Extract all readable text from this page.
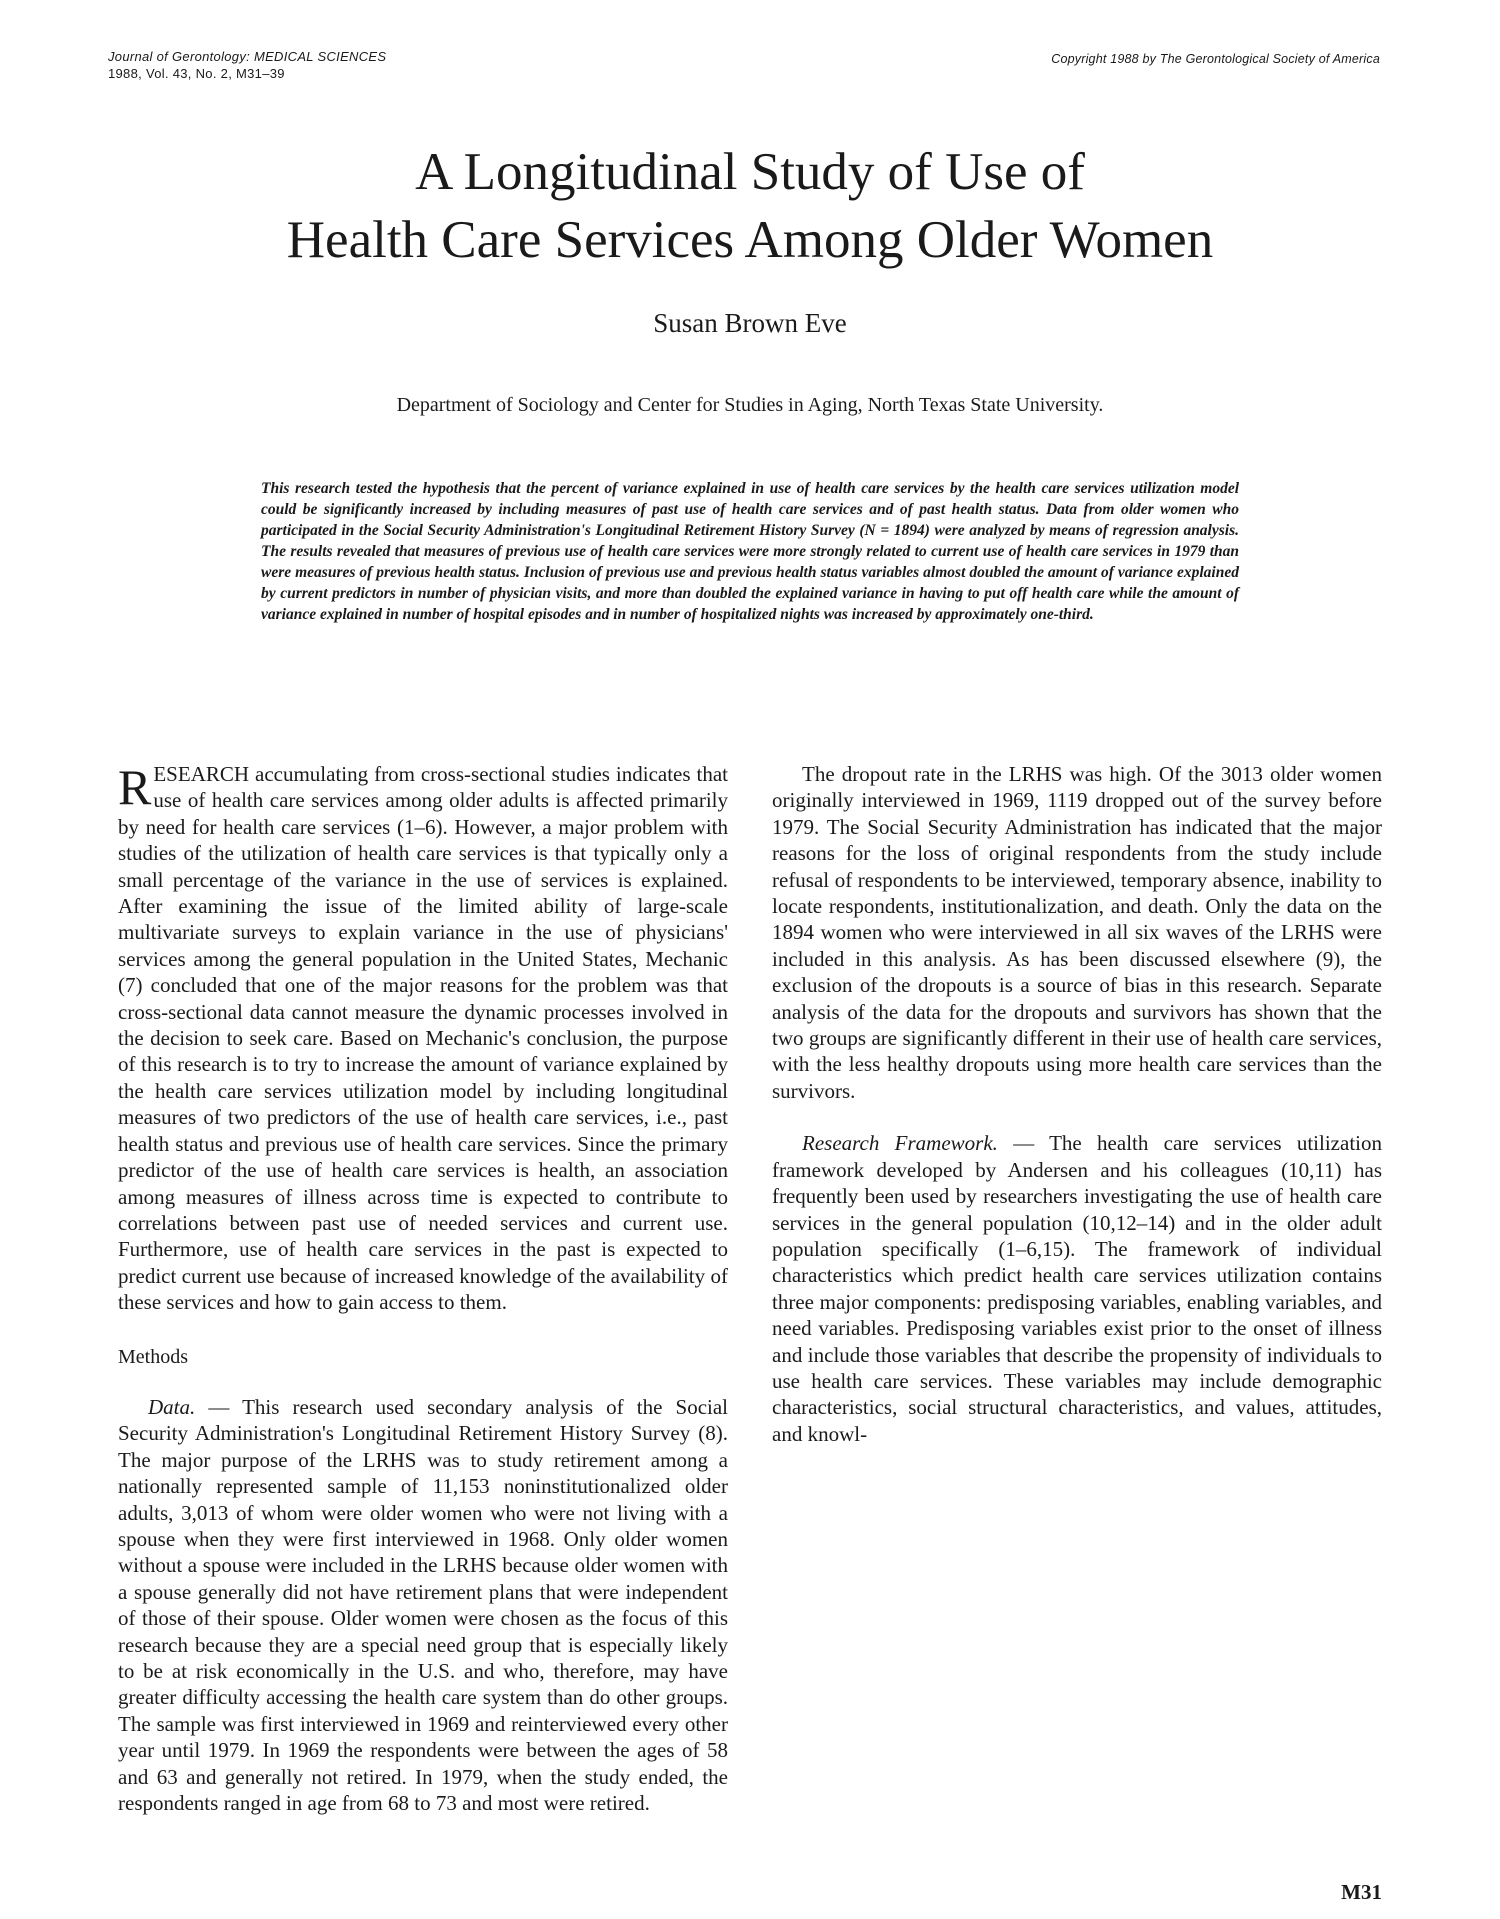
Journal of Gerontology: MEDICAL SCIENCES
1988, Vol. 43, No. 2, M31–39
Copyright 1988 by The Gerontological Society of America
A Longitudinal Study of Use of
Health Care Services Among Older Women
Susan Brown Eve
Department of Sociology and Center for Studies in Aging, North Texas State University.

This research tested the hypothesis that the percent of variance explained in use of health care services by the health care services utilization model could be significantly increased by including measures of past use of health care services and of past health status. Data from older women who participated in the Social Security Administration's Longitudinal Retirement History Survey (N = 1894) were analyzed by means of regression analysis. The results revealed that measures of previous use of health care services were more strongly related to current use of health care services in 1979 than were measures of previous health status. Inclusion of previous use and previous health status variables almost doubled the amount of variance explained by current predictors in number of physician visits, and more than doubled the explained variance in having to put off health care while the amount of variance explained in number of hospital episodes and in number of hospitalized nights was increased by approximately one-third.

RESEARCH accumulating from cross-sectional studies indicates that use of health care services among older adults is affected primarily by need for health care services (1–6). However, a major problem with studies of the utilization of health care services is that typically only a small percentage of the variance in the use of services is explained. After examining the issue of the limited ability of large-scale multivariate surveys to explain variance in the use of physicians' services among the general population in the United States, Mechanic (7) concluded that one of the major reasons for the problem was that cross-sectional data cannot measure the dynamic processes involved in the decision to seek care. Based on Mechanic's conclusion, the purpose of this research is to try to increase the amount of variance explained by the health care services utilization model by including longitudinal measures of two predictors of the use of health care services, i.e., past health status and previous use of health care services. Since the primary predictor of the use of health care services is health, an association among measures of illness across time is expected to contribute to correlations between past use of needed services and current use. Furthermore, use of health care services in the past is expected to predict current use because of increased knowledge of the availability of these services and how to gain access to them.

Methods

Data. — This research used secondary analysis of the Social Security Administration's Longitudinal Retirement History Survey (8). The major purpose of the LRHS was to study retirement among a nationally represented sample of 11,153 noninstitutionalized older adults, 3,013 of whom were older women who were not living with a spouse when they were first interviewed in 1968. Only older women without a spouse were included in the LRHS because older women with a spouse generally did not have retirement plans that were independent of those of their spouse. Older women were chosen as the focus of this research because they are a special need group that is especially likely to be at risk economically in the U.S. and who, therefore, may have greater difficulty accessing the health care system than do other groups. The sample was first interviewed in 1969 and reinterviewed every other year until 1979. In 1969 the respondents were between the ages of 58 and 63 and generally not retired. In 1979, when the study ended, the respondents ranged in age from 68 to 73 and most were retired.

The dropout rate in the LRHS was high. Of the 3013 older women originally interviewed in 1969, 1119 dropped out of the survey before 1979. The Social Security Administration has indicated that the major reasons for the loss of original respondents from the study include refusal of respondents to be interviewed, temporary absence, inability to locate respondents, institutionalization, and death. Only the data on the 1894 women who were interviewed in all six waves of the LRHS were included in this analysis. As has been discussed elsewhere (9), the exclusion of the dropouts is a source of bias in this research. Separate analysis of the data for the dropouts and survivors has shown that the two groups are significantly different in their use of health care services, with the less healthy dropouts using more health care services than the survivors.

Research Framework. — The health care services utilization framework developed by Andersen and his colleagues (10,11) has frequently been used by researchers investigating the use of health care services in the general population (10,12–14) and in the older adult population specifically (1–6,15). The framework of individual characteristics which predict health care services utilization contains three major components: predisposing variables, enabling variables, and need variables. Predisposing variables exist prior to the onset of illness and include those variables that describe the propensity of individuals to use health care services. These variables may include demographic characteristics, social structural characteristics, and values, attitudes, and knowl-

M31
